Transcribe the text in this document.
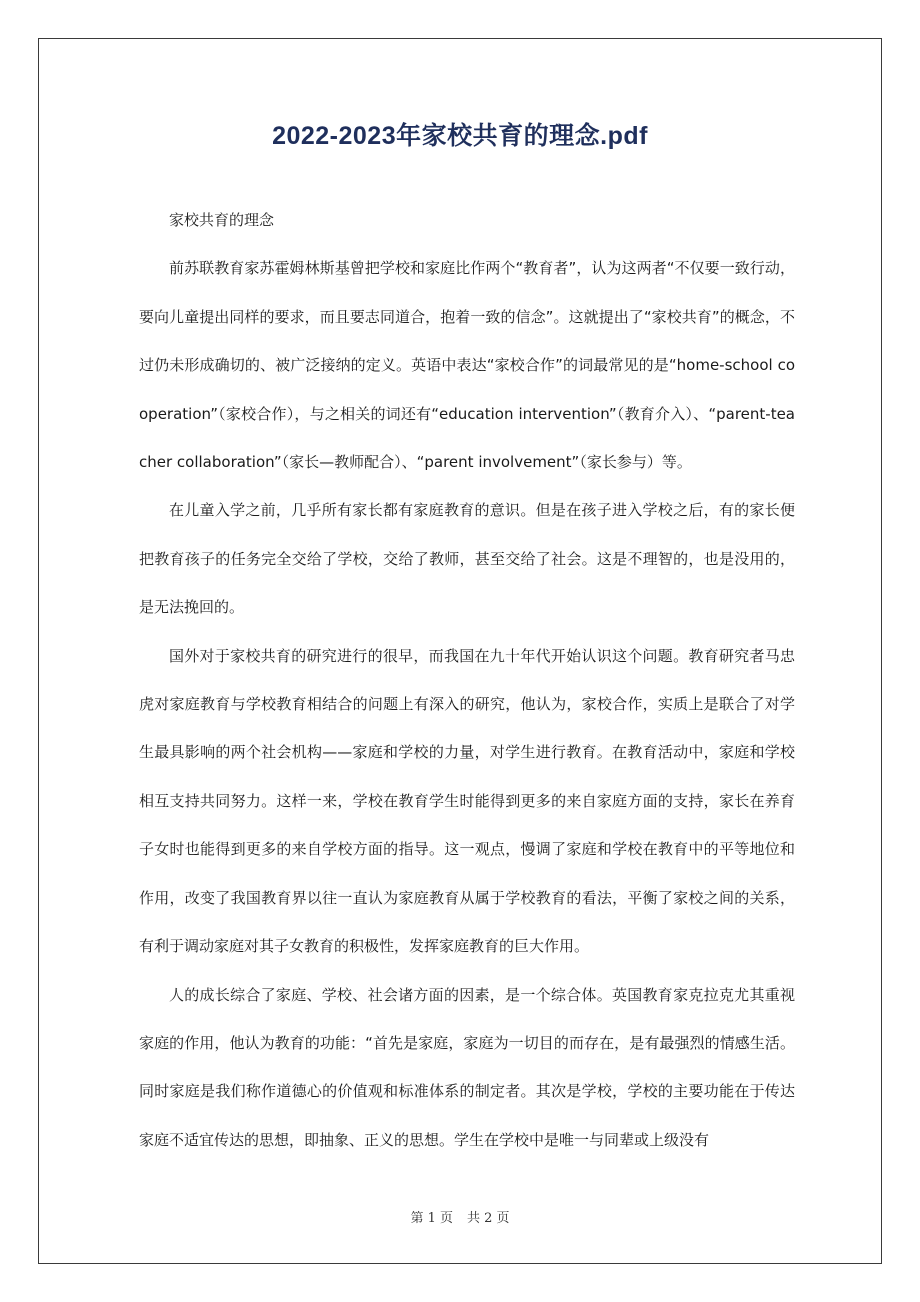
2022-2023年家校共育的理念.pdf

家校共育的理念

前苏联教育家苏霍姆林斯基曾把学校和家庭比作两个“教育者”，认为这两者“不仅要一致行动，要向儿童提出同样的要求，而且要志同道合，抱着一致的信念”。这就提出了“家校共育”的概念，不过仍未形成确切的、被广泛接纳的定义。英语中表达“家校合作”的词最常见的是“home-school cooperation”（家校合作），与之相关的词还有“education intervention”（教育介入）、“parent-teacher collaboration”（家长—教师配合）、“parent involvement”（家长参与）等。

在儿童入学之前，几乎所有家长都有家庭教育的意识。但是在孩子进入学校之后，有的家长便把教育孩子的任务完全交给了学校，交给了教师，甚至交给了社会。这是不理智的，也是没用的，是无法挽回的。

国外对于家校共育的研究进行的很早，而我国在九十年代开始认识这个问题。教育研究者马忠虎对家庭教育与学校教育相结合的问题上有深入的研究，他认为，家校合作，实质上是联合了对学生最具影响的两个社会机构——家庭和学校的力量，对学生进行教育。在教育活动中，家庭和学校相互支持共同努力。这样一来，学校在教育学生时能得到更多的来自家庭方面的支持，家长在养育子女时也能得到更多的来自学校方面的指导。这一观点，慢调了家庭和学校在教育中的平等地位和作用，改变了我国教育界以往一直认为家庭教育从属于学校教育的看法，平衡了家校之间的关系，有利于调动家庭对其子女教育的积极性，发挥家庭教育的巨大作用。

人的成长综合了家庭、学校、社会诸方面的因素，是一个综合体。英国教育家克拉克尤其重视家庭的作用，他认为教育的功能：“首先是家庭，家庭为一切目的而存在，是有最强烈的情感生活。同时家庭是我们称作道德心的价值观和标准体系的制定者。其次是学校，学校的主要功能在于传达家庭不适宜传达的思想，即抽象、正义的思想。学生在学校中是唯一与同辈或上级没有

第 1 页 共 2 页
